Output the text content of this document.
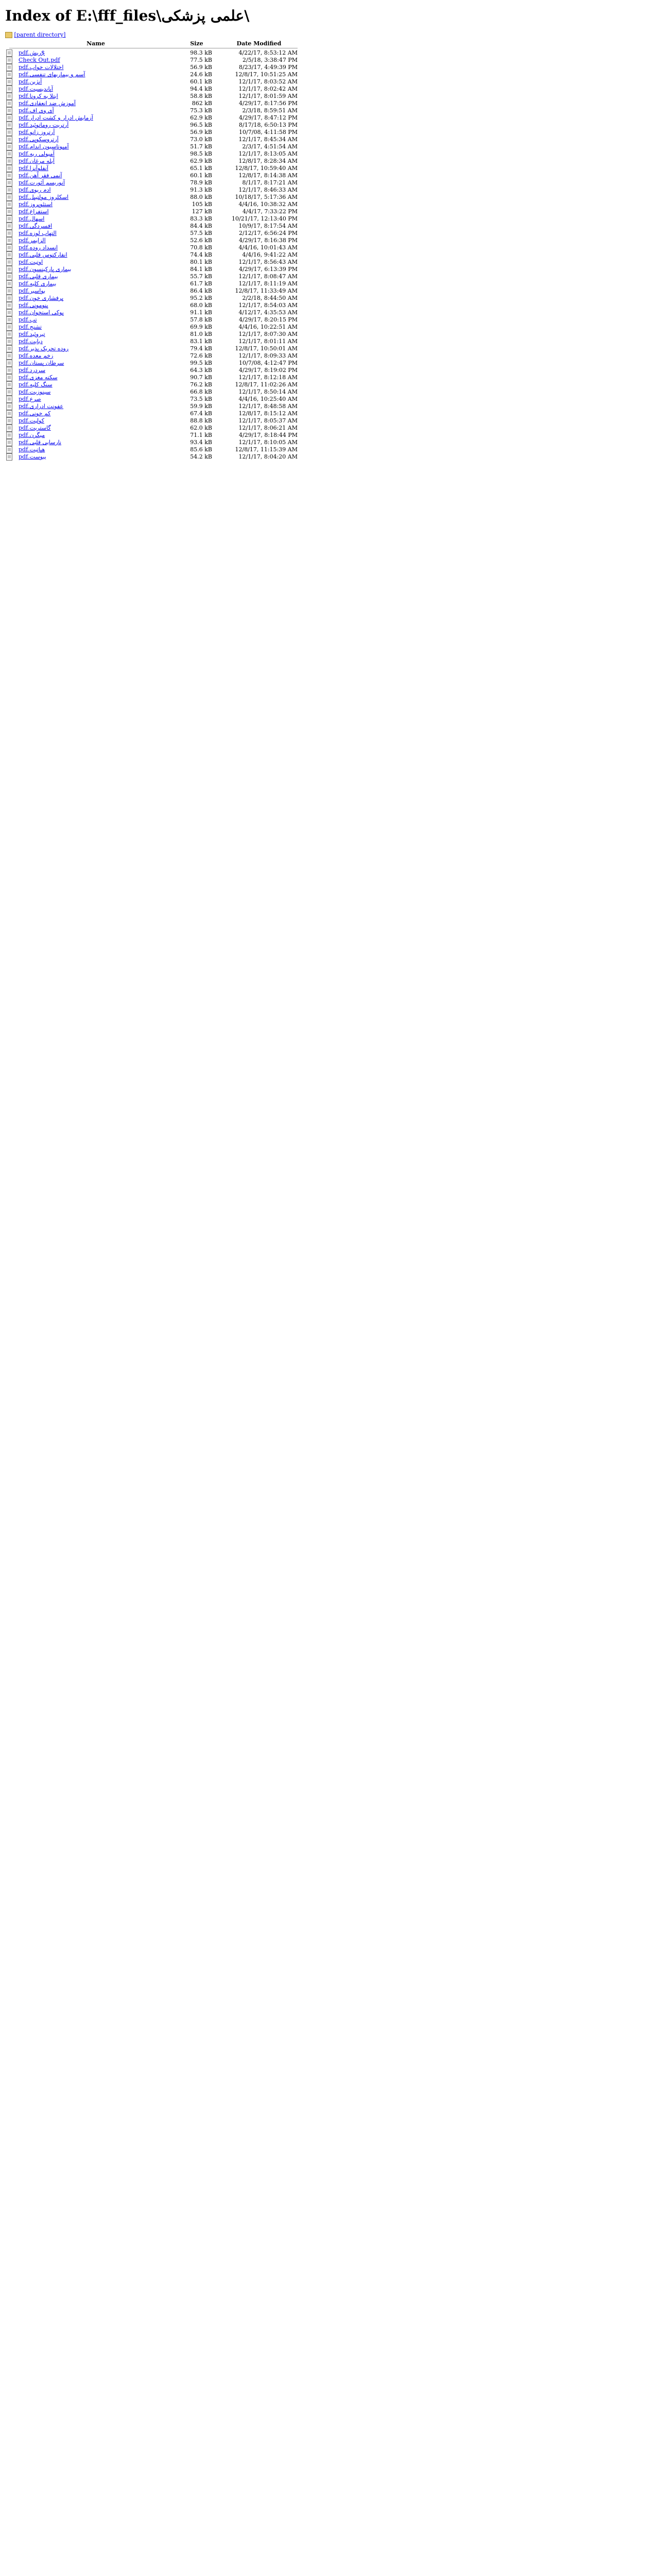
Index of E:\fff_files\علمی پزشکی\
[parent directory]
	Name	Size	Date Modified

	$ريش.pdf	98.3 kB	4/22/17, 8:53:12 AM
	Check Out.pdf	77.5 kB	2/5/18, 3:38:47 PM
	اختلالات خواب.pdf	56.9 kB	8/23/17, 4:49:39 PM
	آسم و بیماریهای تنفسی.pdf	24.6 kB	12/8/17, 10:51:25 AM
	آنژین.pdf	60.1 kB	12/1/17, 8:03:52 AM
	آپاندیسیت.pdf	94.4 kB	12/1/17, 8:02:42 AM
	ابتلا به کرونا.pdf	58.8 kB	12/1/17, 8:01:59 AM
	آموزش ضد انعقادی.pdf	862 kB	4/29/17, 8:17:56 PM
	آی وی اف.pdf	75.3 kB	2/3/18, 8:59:51 AM
	آزمایش ادرار و کشت ادرار.pdf	62.9 kB	4/29/17, 8:47:12 PM
	آرتریت روماتوئید.pdf	96.5 kB	8/17/18, 6:50:13 PM
	آرتروز زانو.pdf	56.9 kB	10/7/08, 4:11:58 PM
	آرتروسکوپی.pdf	73.0 kB	12/1/17, 8:45:34 AM
	آمپوتاسیون اندام.pdf	51.7 kB	2/3/17, 4:51:54 AM
	آمبولی ریه.pdf	98.5 kB	12/1/17, 8:13:05 AM
	آبله مرغان.pdf	62.9 kB	12/8/17, 8:28:34 AM
	آنفلوآنزا.pdf	65.1 kB	12/8/17, 10:59:40 AM
	آنمی فقر آهن.pdf	60.1 kB	12/8/17, 8:14:38 AM
	آنوریسم آئورت.pdf	78.9 kB	8/1/17, 8:17:21 AM
	ادم ریوی.pdf	91.3 kB	12/1/17, 8:46:33 AM
	اسکلروز مولتیپل.pdf	88.0 kB	10/18/17, 5:17:36 AM
	استئوپروز.pdf	105 kB	4/4/16, 10:38:32 AM
	استفراغ.pdf	127 kB	4/4/17, 7:33:22 PM
	اسهال.pdf	83.3 kB	10/21/17, 12:13:40 PM
	افسردگی.pdf	84.4 kB	10/9/17, 8:17:54 AM
	التهاب لوزه.pdf	57.5 kB	2/12/17, 6:56:24 PM
	الزایمر.pdf	52.6 kB	4/29/17, 8:16:38 PM
	انسداد روده.pdf	70.8 kB	4/4/16, 10:01:43 AM
	انفارکتوس قلبی.pdf	74.4 kB	4/4/16, 9:41:22 AM
	اوتیت.pdf	80.1 kB	12/1/17, 8:56:43 AM
	بیماری پارکینسون.pdf	84.1 kB	4/29/17, 6:13:39 PM
	بیماری قلبی.pdf	55.7 kB	12/1/17, 8:08:47 AM
	بیماری کلیه.pdf	61.7 kB	12/1/17, 8:11:19 AM
	بواسیر.pdf	86.4 kB	12/8/17, 11:33:49 AM
	پرفشاری خون.pdf	95.2 kB	2/2/18, 8:44:50 AM
	پنومونی.pdf	68.0 kB	12/1/17, 8:54:03 AM
	پوکی استخوان.pdf	91.1 kB	4/12/17, 4:35:53 AM
	تب.pdf	57.8 kB	4/29/17, 8:20:15 PM
	تشنج.pdf	69.9 kB	4/4/16, 10:22:51 AM
	تیروئید.pdf	81.0 kB	12/1/17, 8:07:30 AM
	دیابت.pdf	83.1 kB	12/1/17, 8:01:11 AM
	روده تحریک پذیر.pdf	79.4 kB	12/8/17, 10:50:01 AM
	زخم معده.pdf	72.6 kB	12/1/17, 8:09:33 AM
	سرطان پستان.pdf	99.5 kB	10/7/08, 4:12:47 PM
	سردرد.pdf	64.3 kB	4/29/17, 8:19:02 PM
	سکته مغزی.pdf	90.7 kB	12/1/17, 8:12:18 AM
	سنگ کلیه.pdf	76.2 kB	12/8/17, 11:02:26 AM
	سینوزیت.pdf	66.8 kB	12/1/17, 8:50:14 AM
	صرع.pdf	73.5 kB	4/4/16, 10:25:40 AM
	عفونت ادراری.pdf	59.9 kB	12/1/17, 8:48:58 AM
	کم خونی.pdf	67.4 kB	12/8/17, 8:15:12 AM
	کولیت.pdf	88.8 kB	12/1/17, 8:05:37 AM
	گاستریت.pdf	62.0 kB	12/1/17, 8:06:21 AM
	میگرن.pdf	71.1 kB	4/29/17, 8:18:44 PM
	نارسایی قلبی.pdf	93.4 kB	12/1/17, 8:10:05 AM
	هپاتیت.pdf	85.6 kB	12/8/17, 11:15:39 AM
	یبوست.pdf	54.2 kB	12/1/17, 8:04:20 AM
